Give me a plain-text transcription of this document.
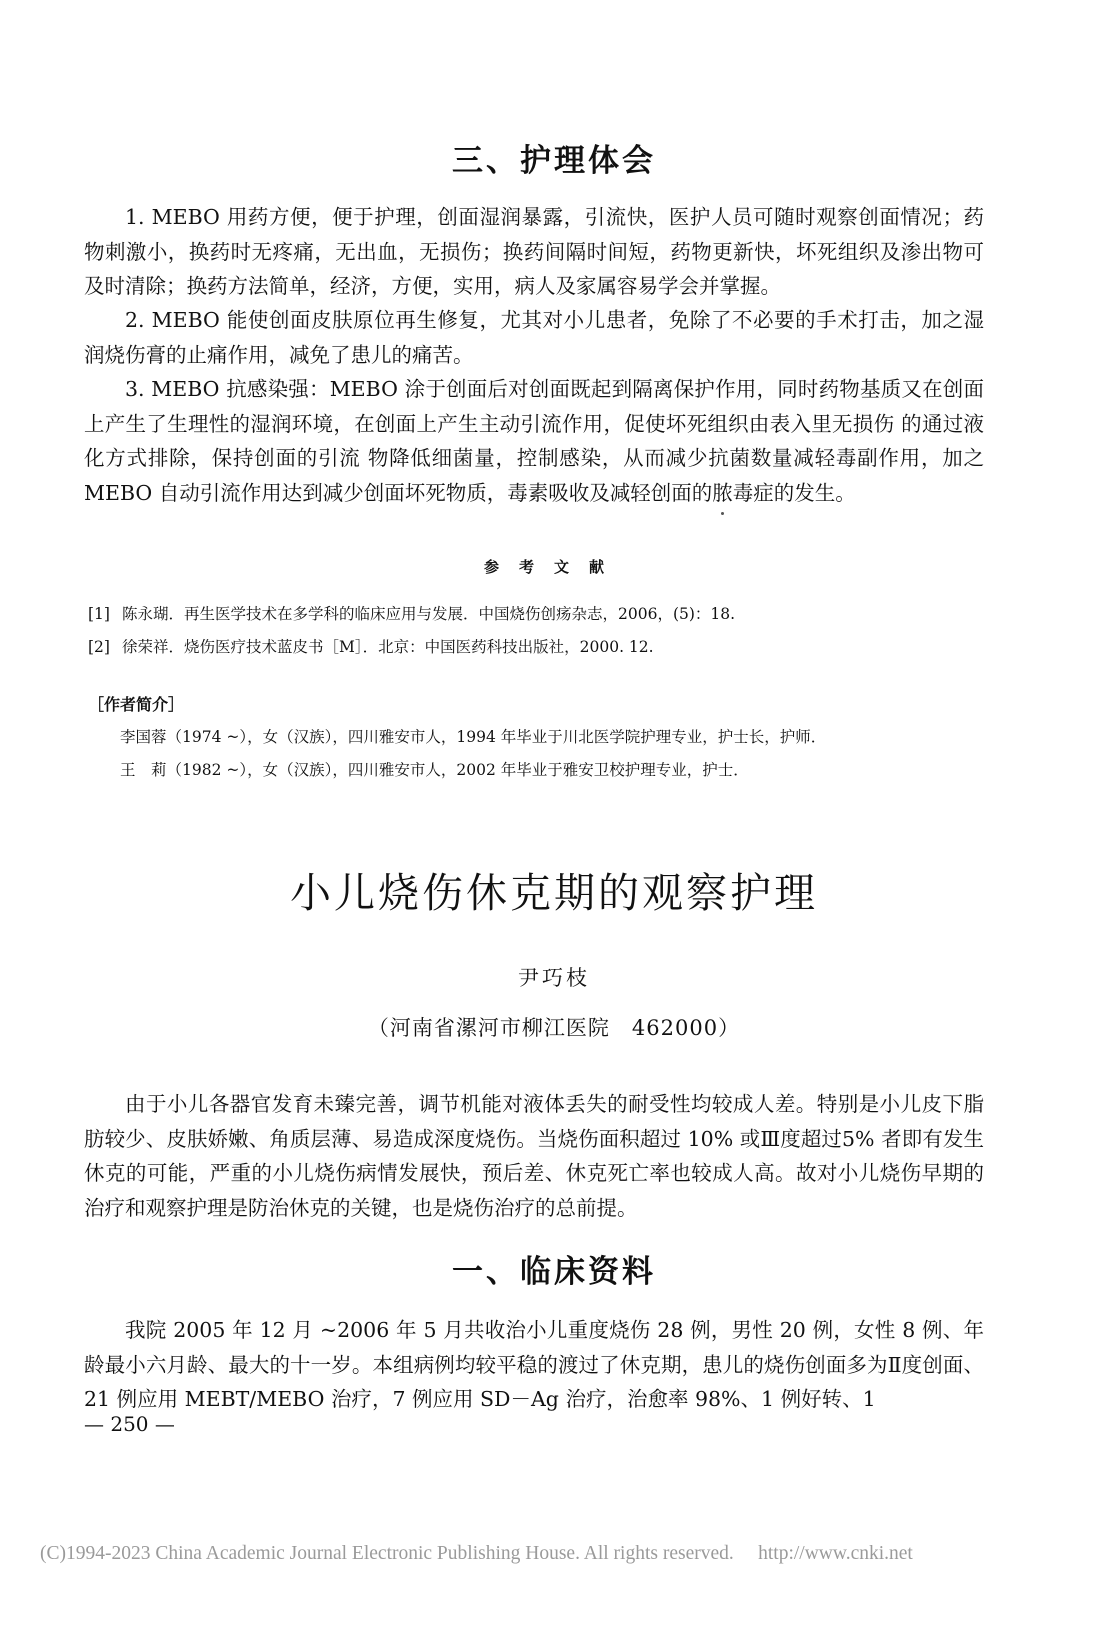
三、护理体会

1. MEBO 用药方便，便于护理，创面湿润暴露，引流快，医护人员可随时观察创面情况；药物刺激小，换药时无疼痛，无出血，无损伤；换药间隔时间短，药物更新快，坏死组织及渗出物可及时清除；换药方法简单，经济，方便，实用，病人及家属容易学会并掌握。

2. MEBO 能使创面皮肤原位再生修复，尤其对小儿患者，免除了不必要的手术打击，加之湿润烧伤膏的止痛作用，减免了患儿的痛苦。

3. MEBO 抗感染强：MEBO 涂于创面后对创面既起到隔离保护作用，同时药物基质又在创面上产生了生理性的湿润环境，在创面上产生主动引流作用，促使坏死组织由表入里无损伤 的通过液化方式排除，保持创面的引流 物降低细菌量，控制感染，从而减少抗菌数量减轻毒副作用，加之 MEBO 自动引流作用达到减少创面坏死物质，毒素吸收及减轻创面的脓毒症的发生。

参考文献
[1] 陈永瑚．再生医学技术在多学科的临床应用与发展．中国烧伤创疡杂志，2006，(5)：18.
[2] 徐荣祥．烧伤医疗技术蓝皮书［M］．北京：中国医药科技出版社，2000. 12.
［作者简介］
李国蓉（1974 ~），女（汉族），四川雅安市人，1994 年毕业于川北医学院护理专业，护士长，护师．
王　莉（1982 ~），女（汉族），四川雅安市人，2002 年毕业于雅安卫校护理专业，护士．
小儿烧伤休克期的观察护理
尹巧枝
（河南省漯河市柳江医院　462000）

由于小儿各器官发育未臻完善，调节机能对液体丢失的耐受性均较成人差。特别是小儿皮下脂肪较少、皮肤娇嫩、角质层薄、易造成深度烧伤。当烧伤面积超过 10% 或Ⅲ度超过5% 者即有发生休克的可能，严重的小儿烧伤病情发展快，预后差、休克死亡率也较成人高。故对小儿烧伤早期的治疗和观察护理是防治休克的关键，也是烧伤治疗的总前提。

一、临床资料

我院 2005 年 12 月 ~2006 年 5 月共收治小儿重度烧伤 28 例，男性 20 例，女性 8 例、年龄最小六月龄、最大的十一岁。本组病例均较平稳的渡过了休克期，患儿的烧伤创面多为Ⅱ度创面、21 例应用 MEBT/MEBO 治疗，7 例应用 SD－Ag 治疗，治愈率 98%、1 例好转、1

— 250 —
(C)1994-2023 China Academic Journal Electronic Publishing House. All rights reserved.　 http://www.cnki.net
